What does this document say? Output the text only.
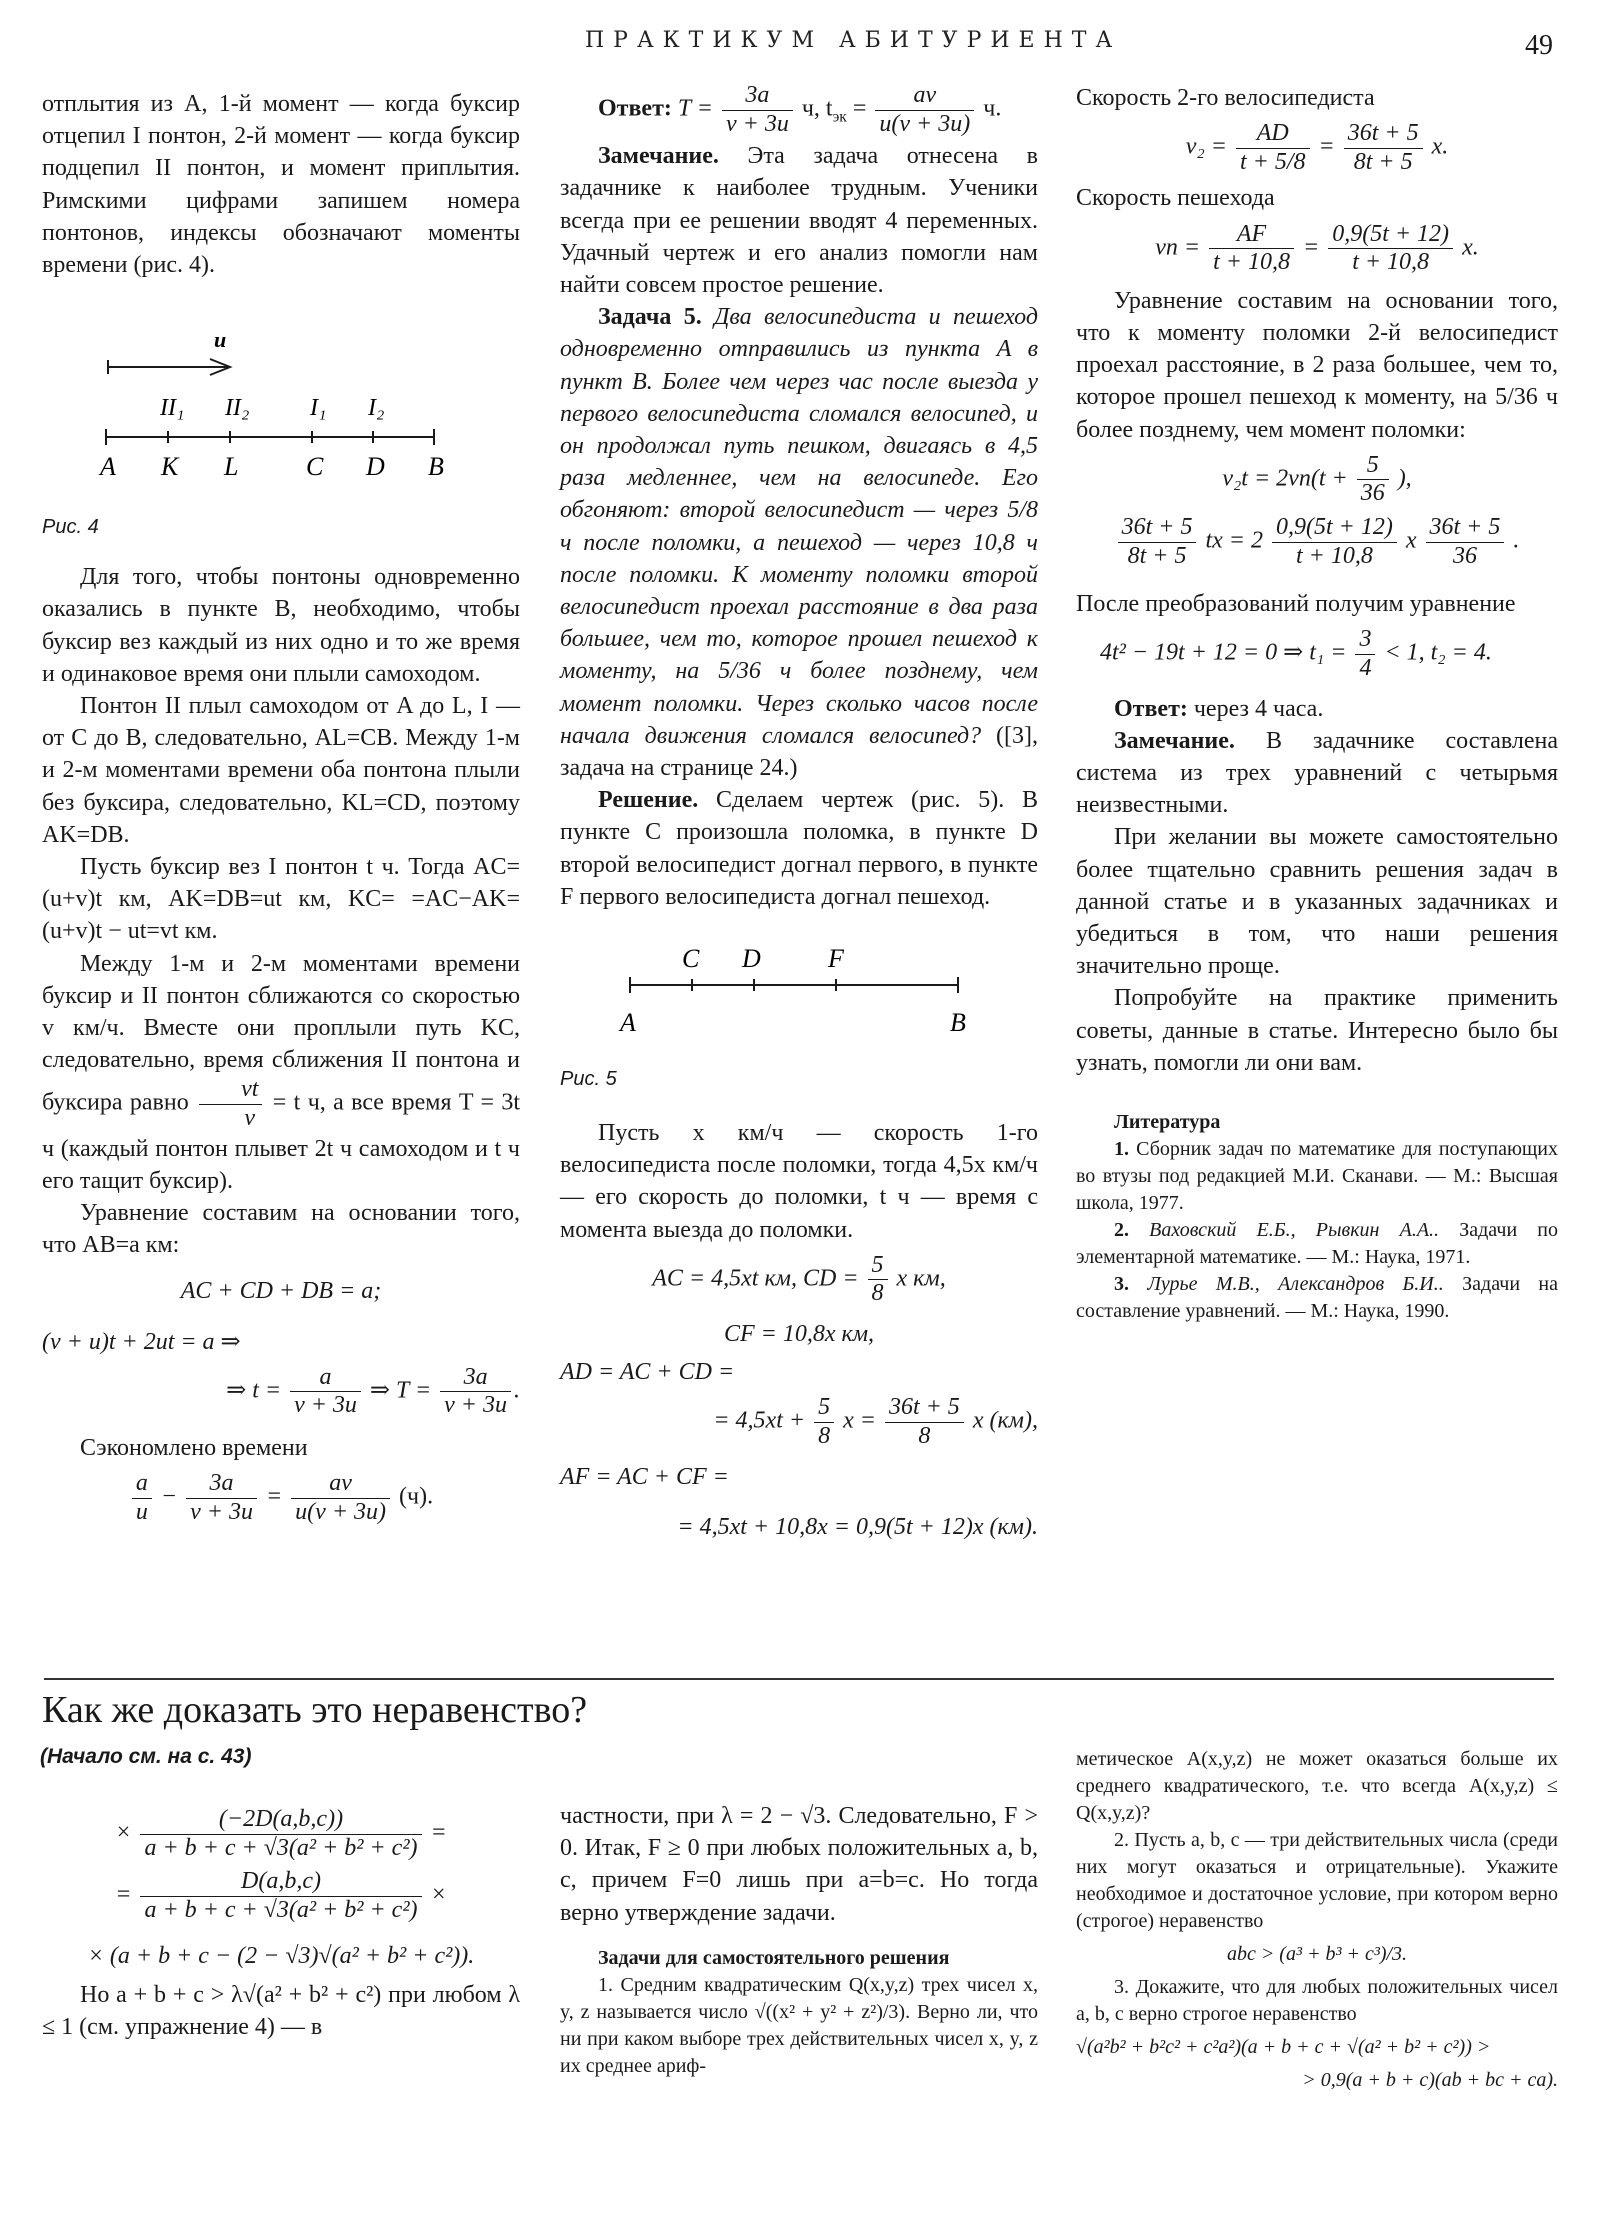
ПРАКТИКУМ АБИТУРИЕНТА	49

отплытия из A, 1-й момент — когда буксир отцепил I понтон, 2-й момент — когда буксир подцепил II понтон, и момент приплытия. Римскими цифрами запишем номера понтонов, индексы обозначают моменты времени (рис. 4).

u
II₁ II₂	I₁ I₂
A K L	C D B
Рис. 4

Для того, чтобы понтоны одновременно оказались в пункте B, необходимо, чтобы буксир вез каждый из них одно и то же время и одинаковое время они плыли самоходом.

Понтон II плыл самоходом от A до L, I — от C до B, следовательно, AL=CB. Между 1-м и 2-м моментами времени оба понтона плыли без буксира, следовательно, KL=CD, поэтому AK=DB.

Пусть буксир вез I понтон t ч. Тогда AC=(u+v)t км, AK=DB=ut км, KC= =AC−AK=(u+v)t − ut=vt км.

Между 1-м и 2-м моментами времени буксир и II понтон сближаются со скоростью v км/ч. Вместе они проплыли путь KC, следовательно, время сближения II понтона и буксира равно $\frac{vt}{v} = t$ ч, а все время T = 3t ч (каждый понтон плывет 2t ч самоходом и t ч его тащит буксир).

Уравнение составим на основании того, что AB=a км:

AC + CD + DB = a;
(v + u)t + 2ut = a ⇒
⇒ $t = \frac{a}{v + 3u}$ ⇒ $T = \frac{3a}{v + 3u}$ .

Сэкономлено времени

$\frac{a}{u} - \frac{3a}{v + 3u} = \frac{av}{u(v + 3u)} (ч)$.
Ответ: $T = \frac{3a}{v + 3u} ч$, $t_{эк} = \frac{av}{u(v + 3u)} ч$.

Замечание. Эта задача отнесена в задачнике к наиболее трудным. Ученики всегда при ее решении вводят 4 переменных. Удачный чертеж и его анализ помогли нам найти совсем простое решение.

Задача 5. Два велосипедиста и пешеход одновременно отправились из пункта A в пункт B. Более чем через час после выезда у первого велосипедиста сломался велосипед, и он продолжал путь пешком, двигаясь в 4,5 раза медленнее, чем на велосипеде. Его обгоняют: второй велосипедист — через 5/8 ч после поломки, а пешеход — через 10,8 ч после поломки. К моменту поломки второй велосипедист проехал расстояние в два раза большее, чем то, которое прошел пешеход к моменту, на 5/36 ч более позднему, чем момент поломки. Через сколько часов после начала движения сломался велосипед? ([3], задача на странице 24.)

Решение. Сделаем чертеж (рис. 5). В пункте C произошла поломка, в пункте D второй велосипедист догнал первого, в пункте F первого велосипедиста догнал пешеход.

C D	F
A	B
Рис. 5

Пусть x км/ч — скорость 1-го велосипедиста после поломки, тогда 4,5x км/ч — его скорость до поломки, t ч — время с момента выезда до поломки.

AC = 4,5xt км, CD = $\frac{5}{8}$ x км,
CF = 10,8x км,
AD = AC + CD =
= $4,5xt + \frac{5}{8}$ $x = \frac{36t + 5}{8}$ x (км),
AF = AC + CF =
= 4,5xt + 10,8x = 0,9(5t + 12)x (км).

Скорость 2-го велосипедиста

$v_2 = \frac{AD}{t + 5/8} = \frac{36t + 5}{8t + 5} x$.

Скорость пешехода

vп = $\frac{AF}{t + 10,8} = \frac{0,9(5t + 12)}{t + 10,8} x$.

Уравнение составим на основании того, что к моменту поломки 2-й велосипедист проехал расстояние, в 2 раза большее, чем то, которое прошел пешеход к моменту, на 5/36 ч более позднему, чем момент поломки:

$v_2t = 2vп(t + \frac{5}{36}$ ),
$\frac{36t + 5}{8t + 5}$ tx = $2 \frac{0,9(5t + 12)}{t + 10,8}$ x $\frac{36t + 5}{36}$ .

После преобразований получим уравнение

4t² − 19t + 12 = 0 ⇒ $t_1 = \frac{3}{4} < 1$, t₂ = 4.

Ответ: через 4 часа.

Замечание. В задачнике составлена система из трех уравнений с четырьмя неизвестными.

При желании вы можете самостоятельно более тщательно сравнить решения задач в данной статье и в указанных задачниках и убедиться в том, что наши решения значительно проще.

Попробуйте на практике применить советы, данные в статье. Интересно было бы узнать, помогли ли они вам.

Литература

1. Сборник задач по математике для поступающих во втузы под редакцией М.И. Сканави. — М.: Высшая школа, 1977.

2. Ваховский Е.Б., Рывкин А.А.. Задачи по элементарной математике. — М.: Наука, 1971.

3. Лурье М.В., Александров Б.И.. Задачи на составление уравнений. — М.: Наука, 1990.

Как же доказать это неравенство?
(Начало см. на с. 43)
× $\frac{(-2D(a,b,c))}{\text{a + b + c + √3(a² + b² + c²)}}$ =
= $\frac{D(a,b,c)}{\text{a + b + c + √3(a² + b² + c²)}}$ ×
× (a + b + c − (2 − √3)√(a² + b² + c²)).

Но a + b + c > λ√(a² + b² + c²) при любом λ ≤ 1 (см. упражнение 4) — в

частности, при λ = 2 − √3. Следовательно, F > 0. Итак, F ≥ 0 при любых положительных a, b, c, причем F=0 лишь при a=b=c. Но тогда верно утверждение задачи.

Задачи для самостоятельного решения

1. Средним квадратическим Q(x,y,z) трех чисел x, y, z называется число √((x² + y² + z²)/3). Верно ли, что ни при каком выборе трех действительных чисел x, y, z их среднее ариф-

метическое A(x,y,z) не может оказаться больше их среднего квадратического, т.е. что всегда A(x,y,z) ≤ Q(x,y,z)?

2. Пусть a, b, c — три действительных числа (среди них могут оказаться и отрицательные). Укажите необходимое и достаточное условие, при котором верно (строгое) неравенство

abc > (a³ + b³ + c³)/3.

3. Докажите, что для любых положительных чисел a, b, c верно строгое неравенство

√(a²b² + b²c² + c²a²)(a + b + c + √(a² + b² + c²)) >
> 0,9(a + b + c)(ab + bc + ca).
